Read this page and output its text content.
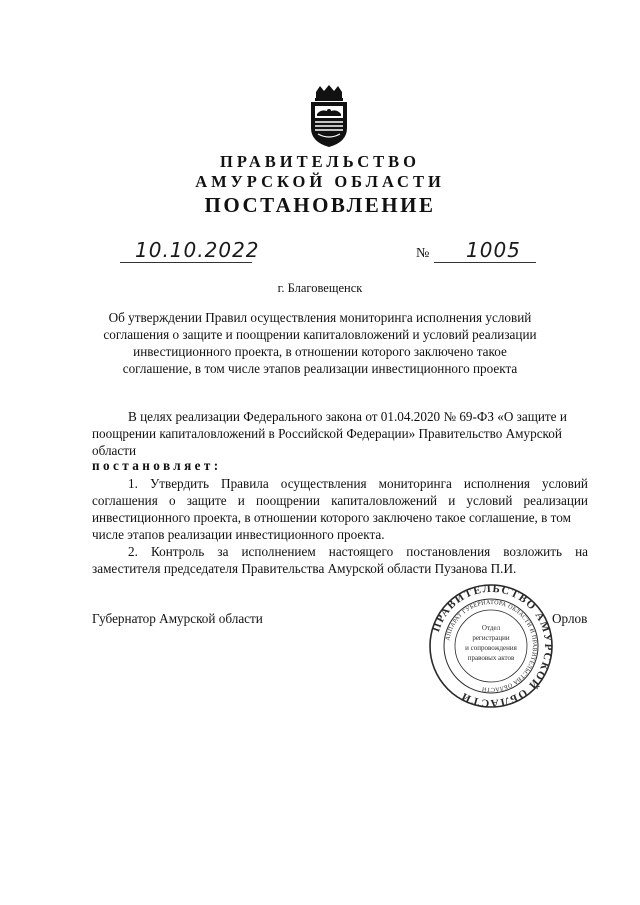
ПРАВИТЕЛЬСТВО
АМУРСКОЙ ОБЛАСТИ
ПОСТАНОВЛЕНИЕ
10.10.2022	№ 1005
г. Благовещенск
Об утверждении Правил осуществления мониторинга исполнения условий соглашения о защите и поощрении капиталовложений и условий реализации инвестиционного проекта, в отношении которого заключено такое соглашение, в том числе этапов реализации инвестиционного проекта
В целях реализации Федерального закона от 01.04.2020 № 69-ФЗ «О защите и
поощрении капиталовложений в Российской Федерации» Правительство Амурской
области
постановляет:
1. Утвердить Правила осуществления мониторинга исполнения условий
соглашения о защите и поощрении капиталовложений и условий реализации
инвестиционного проекта, в отношении которого заключено такое соглашение, в том
числе этапов реализации инвестиционного проекта.
2. Контроль за исполнением настоящего постановления возложить на
заместителя председателя Правительства Амурской области Пузанова П.И.
Губернатор Амурской области	Орлов
ПРАВИТЕЛЬСТВО АМУРСКОЙ ОБЛАСТИ
АППАРАТ ГУБЕРНАТОРА ОБЛАСТИ И ПРАВИТЕЛЬСТВА ОБЛАСТИ
Отдел
регистрации
и сопровождения
правовых актов
